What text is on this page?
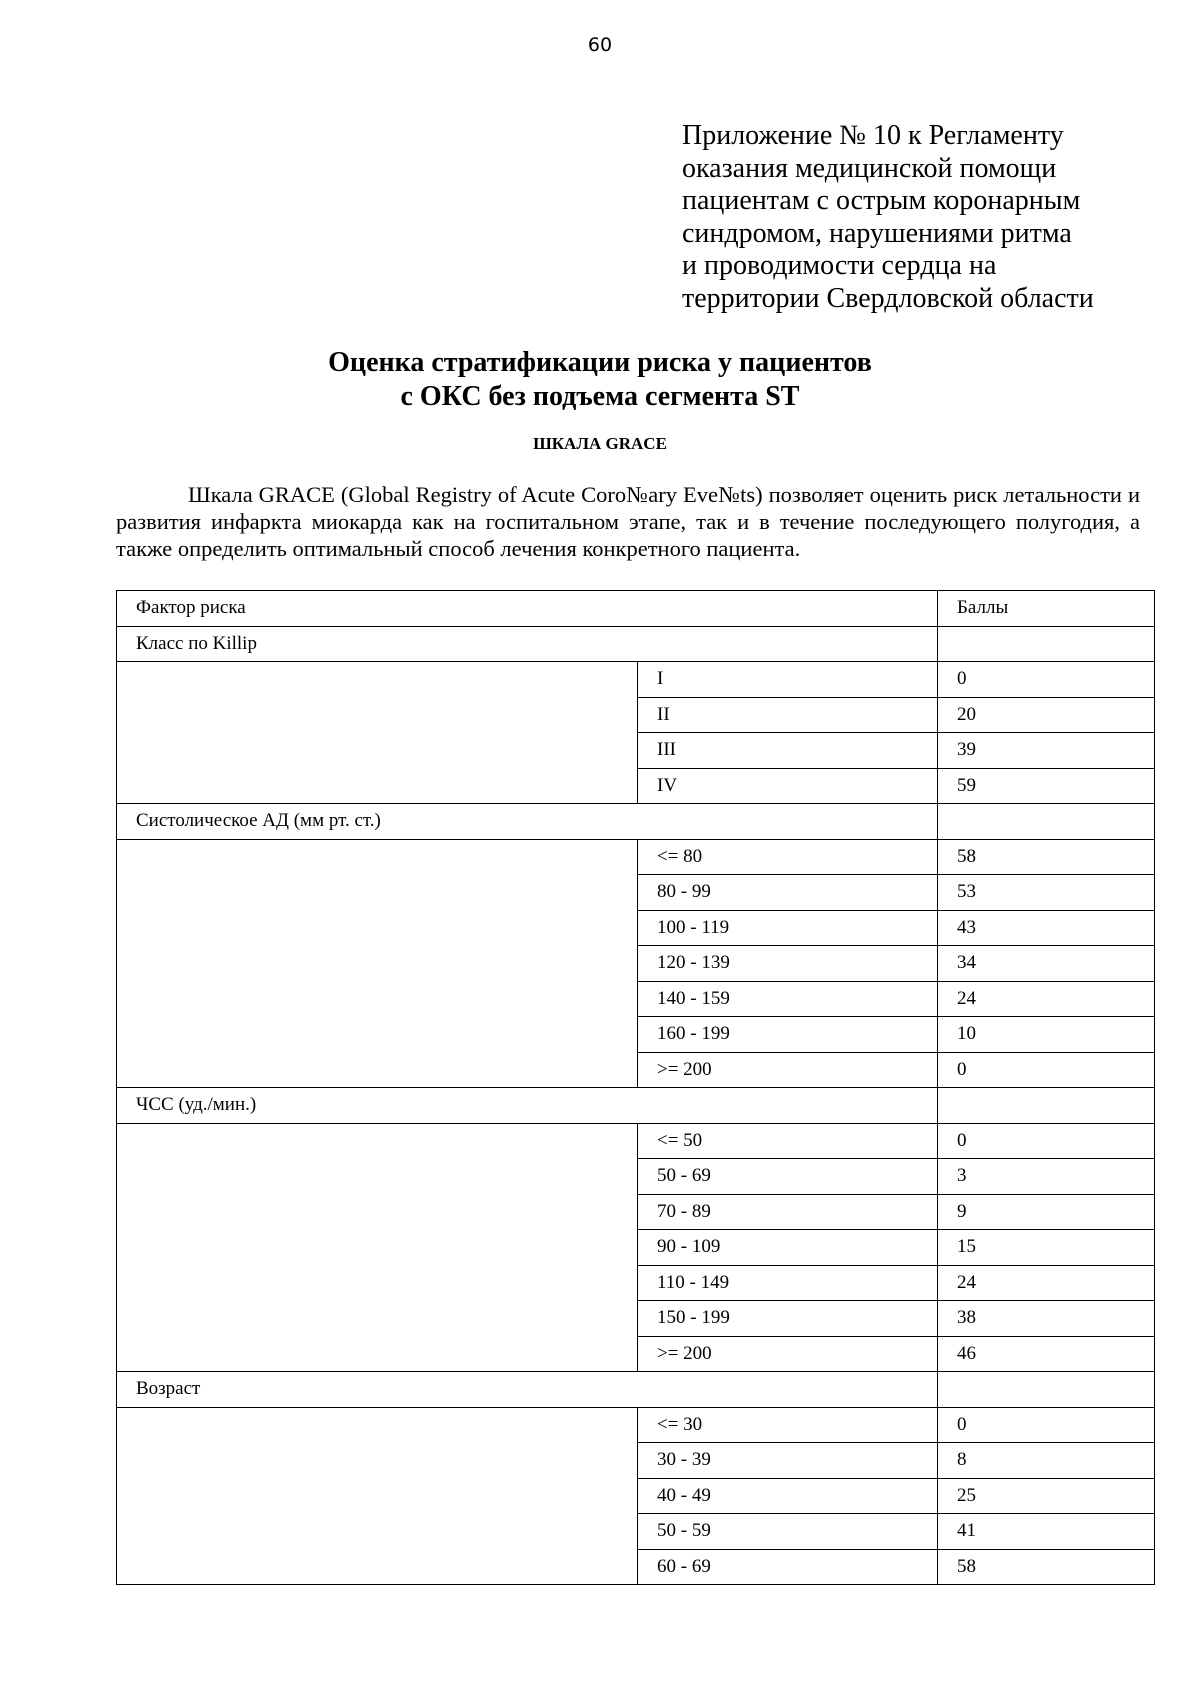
60
Приложение № 10 к Регламенту
оказания медицинской помощи
пациентам с острым коронарным
синдромом, нарушениями ритма
и проводимости сердца на
территории Свердловской области
Оценка стратификации риска у пациентов
с ОКС без подъема сегмента ST
ШКАЛА GRACE
Шкала GRACE (Global Registry of Acute Coro№ary Eve№ts) позволяет оценить риск летальности и развития инфаркта миокарда как на госпитальном этапе, так и в течение последующего полугодия, а также определить оптимальный способ лечения конкретного пациента.
Фактор риска		Баллы
Класс по Killip		
	I	0
	II	20
	III	39
	IV	59
Систолическое АД (мм рт. ст.)		
	<= 80	58
	80 - 99	53
	100 - 119	43
	120 - 139	34
	140 - 159	24
	160 - 199	10
	>= 200	0
ЧСС (уд./мин.)		
	<= 50	0
	50 - 69	3
	70 - 89	9
	90 - 109	15
	110 - 149	24
	150 - 199	38
	>= 200	46
Возраст		
	<= 30	0
	30 - 39	8
	40 - 49	25
	50 - 59	41
	60 - 69	58
